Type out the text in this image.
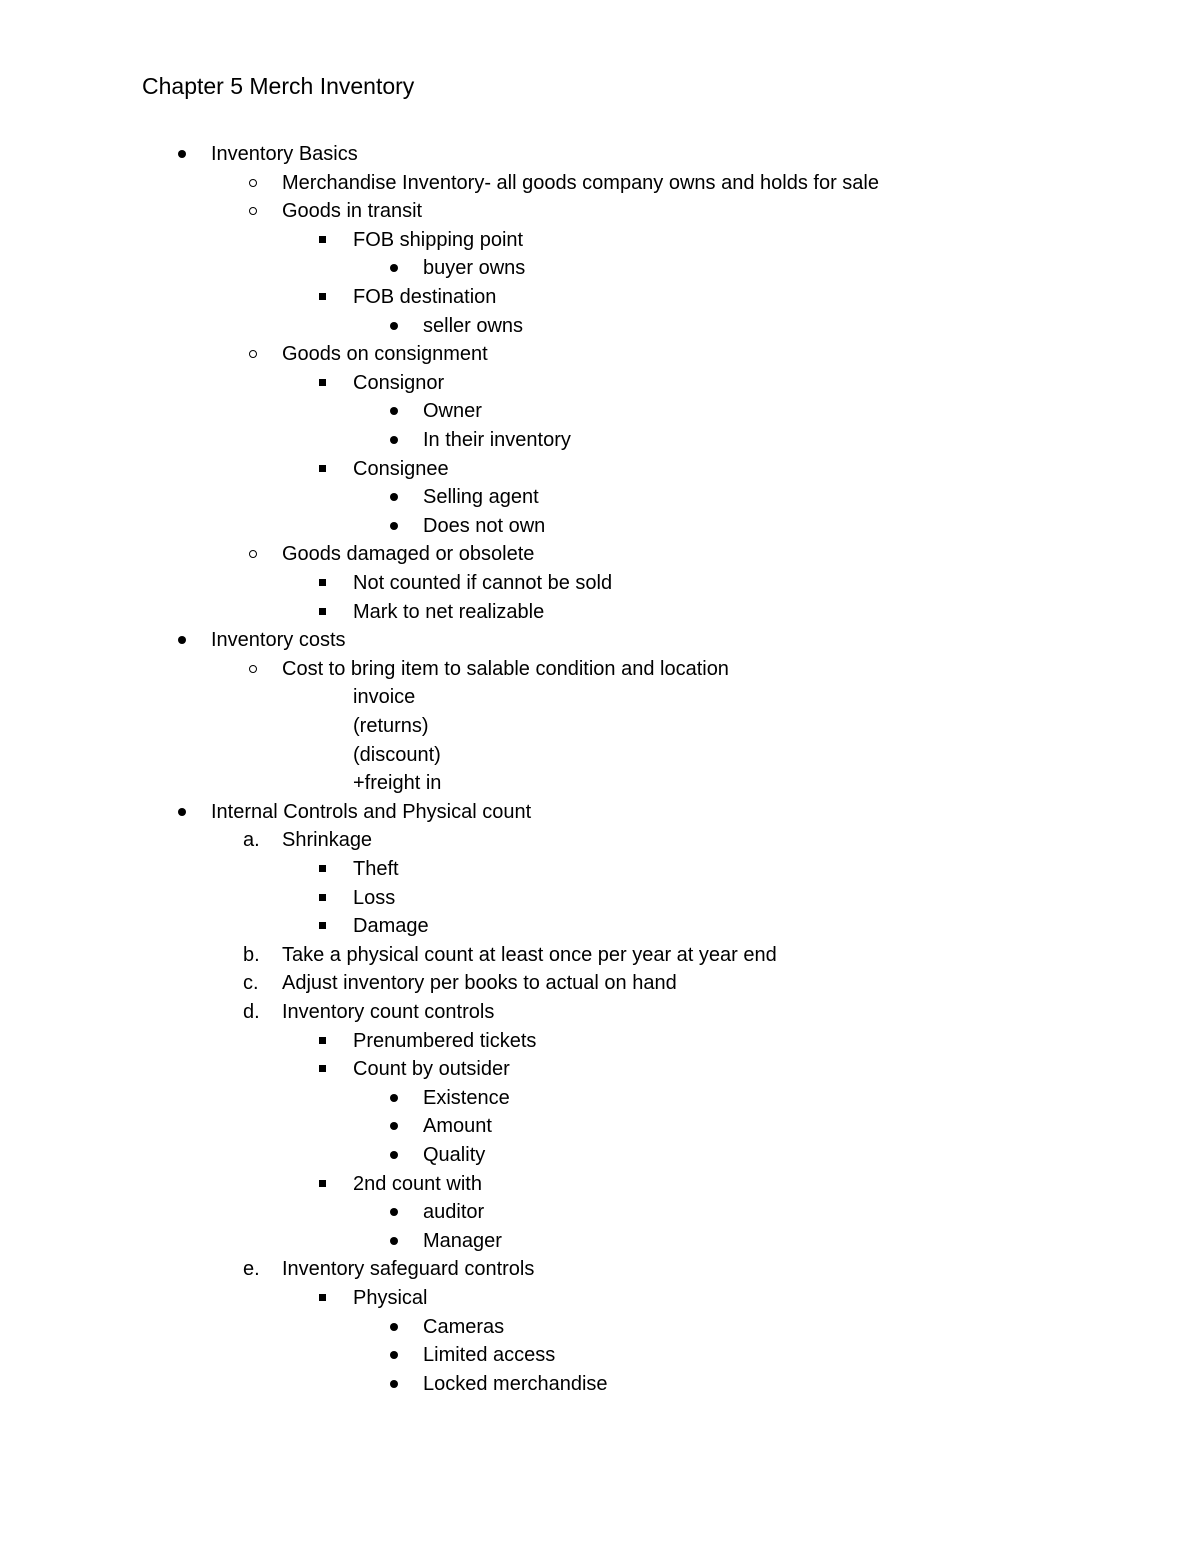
Chapter 5 Merch Inventory
Inventory Basics
Merchandise Inventory- all goods company owns and holds for sale
Goods in transit
FOB shipping point
buyer owns
FOB destination
seller owns
Goods on consignment
Consignor
Owner
In their inventory
Consignee
Selling agent
Does not own
Goods damaged or obsolete
Not counted if cannot be sold
Mark to net realizable
Inventory costs
Cost to bring item to salable condition and location
invoice
(returns)
(discount)
+freight in
Internal Controls and Physical count
a. Shrinkage
Theft
Loss
Damage
b. Take a physical count at least once per year at year end
c.	Adjust inventory per books to actual on hand
d. Inventory count controls
Prenumbered tickets
Count by outsider
Existence
Amount
Quality
2nd count with
auditor
Manager
e. Inventory safeguard controls
Physical
Cameras
Limited access
Locked merchandise
